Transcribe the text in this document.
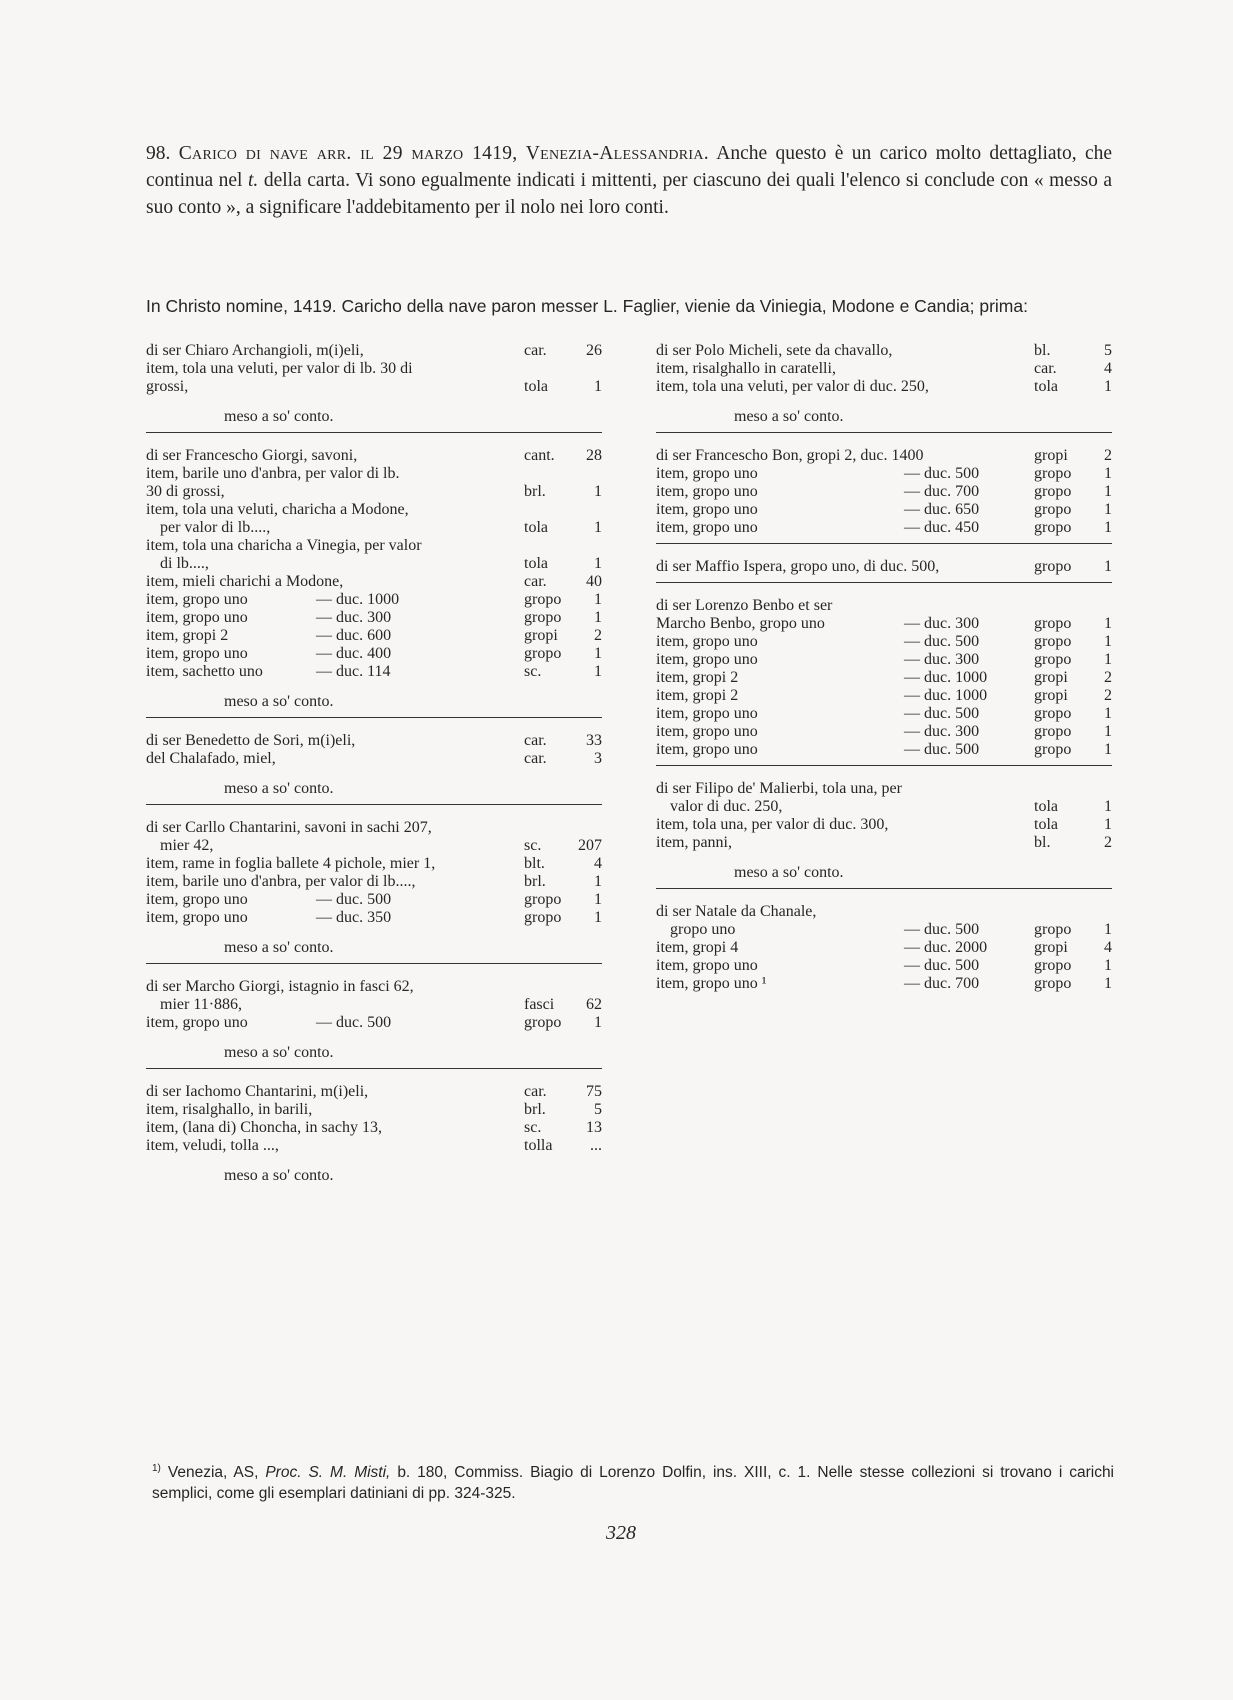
98. Carico di nave arr. il 29 marzo 1419, Venezia-Alessandria. Anche questo è un carico molto dettagliato, che continua nel t. della carta. Vi sono egualmente indicati i mittenti, per ciascuno dei quali l'elenco si conclude con « messo a suo conto », a significare l'addebitamento per il nolo nei loro conti.
In Christo nomine, 1419. Caricho della nave paron messer L. Faglier, vienie da Viniegia, Modone e Candia; prima:
di ser Chiaro Archangioli, m(i)eli,	car.	26
item, tola una veluti, per valor di lb. 30 di
grossi,	tola	1
meso a so' conto.
di ser Francescho Giorgi, savoni,	cant.	28
item, barile uno d'anbra, per valor di lb.
30 di grossi,	brl.	1
item, tola una veluti, charicha a Modone,
per valor di lb....,	tola	1
item, tola una charicha a Vinegia, per valor
di lb....,	tola	1
item, mieli charichi a Modone,	car.	40
item, gropo uno	— duc. 1000	gropo	1
item, gropo uno	— duc. 300	gropo	1
item, gropi 2	— duc. 600	gropi	2
item, gropo uno	— duc. 400	gropo	1
item, sachetto uno	— duc. 114	sc.	1
meso a so' conto.
di ser Benedetto de Sori, m(i)eli,	car.	33
del Chalafado, miel,	car.	3
meso a so' conto.
di ser Carllo Chantarini, savoni in sachi 207,
mier 42,	sc.	207
item, rame in foglia ballete 4 pichole, mier 1,	blt.	4
item, barile uno d'anbra, per valor di lb....,	brl.	1
item, gropo uno	— duc. 500	gropo	1
item, gropo uno	— duc. 350	gropo	1
meso a so' conto.
di ser Marcho Giorgi, istagnio in fasci 62,
mier 11·886,	fasci	62
item, gropo uno	— duc. 500	gropo	1
meso a so' conto.
di ser Iachomo Chantarini, m(i)eli,	car.	75
item, risalghallo, in barili,	brl.	5
item, (lana di) Choncha, in sachy 13,	sc.	13
item, veludi, tolla ...,	tolla	...
meso a so' conto.
di ser Polo Micheli, sete da chavallo,	bl.	5
item, risalghallo in caratelli,	car.	4
item, tola una veluti, per valor di duc. 250,	tola	1
meso a so' conto.
di ser Francescho Bon, gropi 2, duc. 1400	gropi	2
item, gropo uno	— duc. 500	gropo	1
item, gropo uno	— duc. 700	gropo	1
item, gropo uno	— duc. 650	gropo	1
item, gropo uno	— duc. 450	gropo	1
di ser Maffio Ispera, gropo uno, di duc. 500,	gropo	1
di ser Lorenzo Benbo et ser
Marcho Benbo, gropo uno	— duc. 300	gropo	1
item, gropo uno	— duc. 500	gropo	1
item, gropo uno	— duc. 300	gropo	1
item, gropi 2	— duc. 1000	gropi	2
item, gropi 2	— duc. 1000	gropi	2
item, gropo uno	— duc. 500	gropo	1
item, gropo uno	— duc. 300	gropo	1
item, gropo uno	— duc. 500	gropo	1
di ser Filipo de' Malierbi, tola una, per
valor di duc. 250,	tola	1
item, tola una, per valor di duc. 300,	tola	1
item, panni,	bl.	2
meso a so' conto.
di ser Natale da Chanale,
gropo uno	— duc. 500	gropo	1
item, gropi 4	— duc. 2000	gropi	4
item, gropo uno	— duc. 500	gropo	1
item, gropo uno ¹	— duc. 700	gropo	1
$^{1)}$ Venezia, AS, Proc. S. M. Misti, b. 180, Commiss. Biagio di Lorenzo Dolfin, ins. XIII, c. 1. Nelle stesse collezioni si trovano i carichi semplici, come gli esemplari datiniani di pp. 324-325.
328
